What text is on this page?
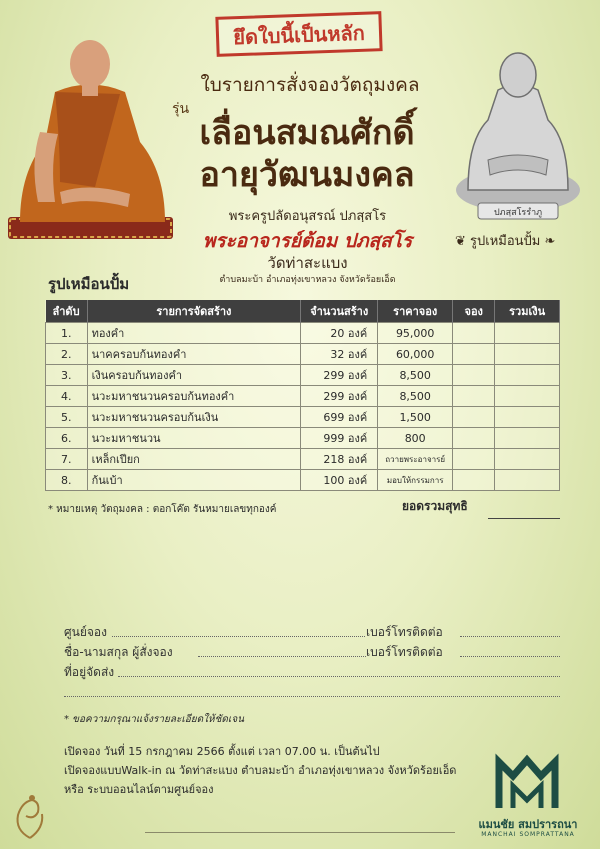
ยึดใบนี้เป็นหลัก
ปภสฺสโรรำภู
ใบรายการสั่งจองวัตถุมงคล
รุ่น
เลื่อนสมณศักดิ์
อายุวัฒนมงคล
พระครูปลัดอนุสรณ์ ปภสฺสโร
พระอาจารย์ต้อม ปภสฺสโร
วัดท่าสะแบง
ตำบลมะบ้า อำเภอทุ่งเขาหลวง จังหวัดร้อยเอ็ด
❦ รูปเหมือนปั้ม ❧
รูปเหมือนปั้ม
ลำดับ	รายการจัดสร้าง	จำนวนสร้าง	ราคาจอง	จอง	รวมเงิน
1.	ทองคำ	20 องค์	95,000		
2.	นาคครอบก้นทองคำ	32 องค์	60,000		
3.	เงินครอบก้นทองคำ	299 องค์	8,500		
4.	นวะมหาชนวนครอบก้นทองคำ	299 องค์	8,500		
5.	นวะมหาชนวนครอบก้นเงิน	699 องค์	1,500		
6.	นวะมหาชนวน	999 องค์	800		
7.	เหล็กเปียก	218 องค์	ถวายพระอาจารย์		
8.	ก้นเบ้า	100 องค์	มอบให้กรรมการ		
* หมายเหตุ วัตถุมงคล : ตอกโค๊ต รันหมายเลขทุกองค์	ยอดรวมสุทธิ
ศูนย์จอง	เบอร์โทรติดต่อ
ชื่อ-นามสกุล ผู้สั่งจอง	เบอร์โทรติดต่อ
ที่อยู่จัดส่ง
* ขอความกรุณาแจ้งรายละเอียดให้ชัดเจน
เปิดจอง วันที่ 15 กรกฎาคม 2566 ตั้งแต่ เวลา 07.00 น. เป็นต้นไป
เปิดจองแบบWalk-in ณ วัดท่าสะแบง ตำบลมะบ้า อำเภอทุ่งเขาหลวง จังหวัดร้อยเอ็ด
หรือ ระบบออนไลน์ตามศูนย์จอง
แมนชัย สมปรารถนา
MANCHAI SOMPRATTANA
